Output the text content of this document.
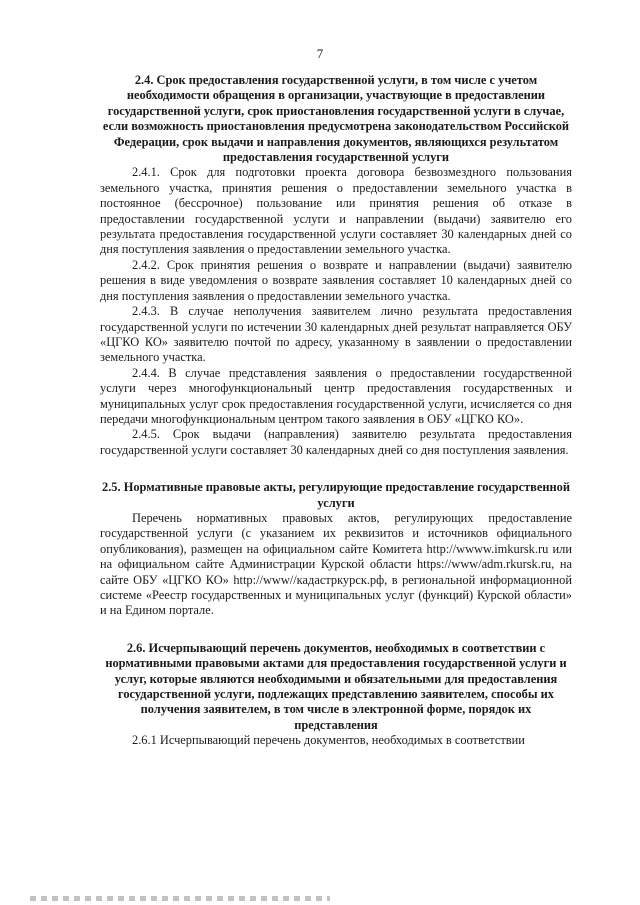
7

2.4. Срок предоставления государственной услуги, в том числе с учетом необходимости обращения в организации, участвующие в предоставлении государственной услуги, срок приостановления государственной услуги в случае, если возможность приостановления предусмотрена законодательством Российской Федерации, срок выдачи и направления документов, являющихся результатом предоставления государственной услуги

2.4.1. Срок для подготовки проекта договора безвозмездного пользования земельного участка, принятия решения о предоставлении земельного участка в постоянное (бессрочное) пользование или принятия решения об отказе в предоставлении государственной услуги и направлении (выдачи) заявителю его результата предоставления государственной услуги составляет 30 календарных дней со дня поступления заявления о предоставлении земельного участка.

2.4.2. Срок принятия решения о возврате и направлении (выдачи) заявителю решения в виде уведомления о возврате заявления составляет 10 календарных дней со дня поступления заявления о предоставлении земельного участка.

2.4.3. В случае неполучения заявителем лично результата предоставления государственной услуги по истечении 30 календарных дней результат направляется ОБУ «ЦГКО КО» заявителю почтой по адресу, указанному в заявлении о предоставлении земельного участка.

2.4.4. В случае представления заявления о предоставлении государственной услуги через многофункциональный центр предоставления государственных и муниципальных услуг срок предоставления государственной услуги, исчисляется со дня передачи многофункциональным центром такого заявления в ОБУ «ЦГКО КО».

2.4.5. Срок выдачи (направления) заявителю результата предоставления государственной услуги составляет 30 календарных дней со дня поступления заявления.

2.5. Нормативные правовые акты, регулирующие предоставление государственной услуги

Перечень нормативных правовых актов, регулирующих предоставление государственной услуги (с указанием их реквизитов и источников официального опубликования), размещен на официальном сайте Комитета http://wwww.imkursk.ru или на официальном сайте Администрации Курской области https://www/adm.rkursk.ru, на сайте ОБУ «ЦГКО КО» http://www//кадастркурск.рф, в региональной информационной системе «Реестр государственных и муниципальных услуг (функций) Курской области» и на Едином портале.

2.6. Исчерпывающий перечень документов, необходимых в соответствии с нормативными правовыми актами для предоставления государственной услуги и услуг, которые являются необходимыми и обязательными для предоставления государственной услуги, подлежащих представлению заявителем, способы их получения заявителем, в том числе в электронной форме, порядок их представления

2.6.1 Исчерпывающий перечень документов, необходимых в соответствии
